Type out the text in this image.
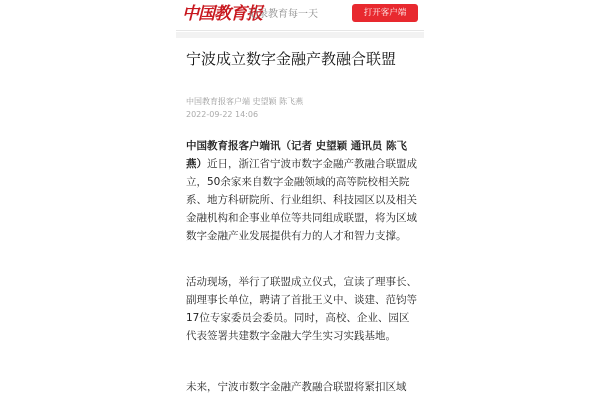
中国教育报
记录教育每一天	打开客户端
宁波成立数字金融产教融合联盟
中国教育报客户端 史望颖 陈飞燕
2022-09-22 14:06

中国教育报客户端讯（记者 史望颖 通讯员 陈飞燕）近日，浙江省宁波市数字金融产教融合联盟成立，50余家来自数字金融领域的高等院校相关院系、地方科研院所、行业组织、科技园区以及相关金融机构和企事业单位等共同组成联盟，将为区域数字金融产业发展提供有力的人才和智力支撑。

活动现场，举行了联盟成立仪式，宣读了理事长、副理事长单位，聘请了首批王义中、谈建、范钧等17位专家委员会委员。同时，高校、企业、园区代表签署共建数字金融大学生实习实践基地。

未来，宁波市数字金融产教融合联盟将紧扣区域
